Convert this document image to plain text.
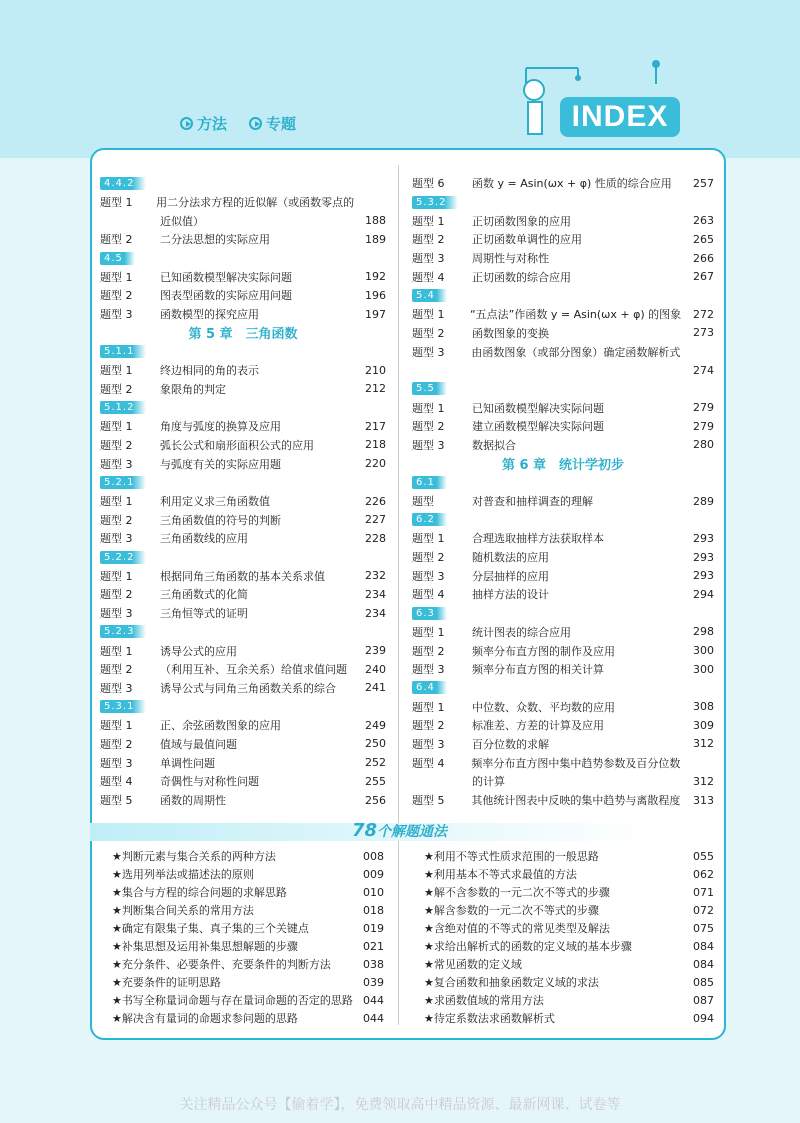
方法	专题	INDEX
4.4.2
题型 1	用二分法求方程的近似解（或函数零点的
近似值）	188
题型 2	二分法思想的实际应用	189
4.5
题型 1	已知函数模型解决实际问题	192
题型 2	图表型函数的实际应用问题	196
题型 3	函数模型的探究应用	197
第 5 章　三角函数
5.1.1
题型 1	终边相同的角的表示	210
题型 2	象限角的判定	212
5.1.2
题型 1	角度与弧度的换算及应用	217
题型 2	弧长公式和扇形面积公式的应用	218
题型 3	与弧度有关的实际应用题	220
5.2.1
题型 1	利用定义求三角函数值	226
题型 2	三角函数值的符号的判断	227
题型 3	三角函数线的应用	228
5.2.2
题型 1	根据同角三角函数的基本关系求值	232
题型 2	三角函数式的化简	234
题型 3	三角恒等式的证明	234
5.2.3
题型 1	诱导公式的应用	239
题型 2	（利用互补、互余关系）给值求值问题	240
题型 3	诱导公式与同角三角函数关系的综合	241
5.3.1
题型 1	正、余弦函数图象的应用	249
题型 2	值域与最值问题	250
题型 3	单调性问题	252
题型 4	奇偶性与对称性问题	255
题型 5	函数的周期性	256
题型 6	函数 y = Asin(ωx + φ) 性质的综合应用	257
5.3.2
题型 1	正切函数图象的应用	263
题型 2	正切函数单调性的应用	265
题型 3	周期性与对称性	266
题型 4	正切函数的综合应用	267
5.4
题型 1	“五点法”作函数 y = Asin(ωx + φ) 的图象	272
题型 2	函数图象的变换	273
题型 3	由函数图象（或部分图象）确定函数解析式
274
5.5
题型 1	已知函数模型解决实际问题	279
题型 2	建立函数模型解决实际问题	279
题型 3	数据拟合	280
第 6 章　统计学初步
6.1
题型	对普查和抽样调查的理解	289
6.2
题型 1	合理选取抽样方法获取样本	293
题型 2	随机数法的应用	293
题型 3	分层抽样的应用	293
题型 4	抽样方法的设计	294
6.3
题型 1	统计图表的综合应用	298
题型 2	频率分布直方图的制作及应用	300
题型 3	频率分布直方图的相关计算	300
6.4
题型 1	中位数、众数、平均数的应用	308
题型 2	标准差、方差的计算及应用	309
题型 3	百分位数的求解	312
题型 4	频率分布直方图中集中趋势参数及百分位数
的计算	312
题型 5	其他统计图表中反映的集中趋势与离散程度	313
78个解题通法
★判断元素与集合关系的两种方法	008
★选用列举法或描述法的原则	009
★集合与方程的综合问题的求解思路	010
★判断集合间关系的常用方法	018
★确定有限集子集、真子集的三个关键点	019
★补集思想及运用补集思想解题的步骤	021
★充分条件、必要条件、充要条件的判断方法	038
★充要条件的证明思路	039
★书写全称量词命题与存在量词命题的否定的思路 044
★解决含有量词的命题求参问题的思路	044
★利用不等式性质求范围的一般思路	055
★利用基本不等式求最值的方法	062
★解不含参数的一元二次不等式的步骤	071
★解含参数的一元二次不等式的步骤	072
★含绝对值的不等式的常见类型及解法	075
★求给出解析式的函数的定义域的基本步骤	084
★常见函数的定义域	084
★复合函数和抽象函数定义域的求法	085
★求函数值域的常用方法	087
★待定系数法求函数解析式	094
关注精品公众号【偷着学】，免费领取高中精品资源、最新网课、试卷等
